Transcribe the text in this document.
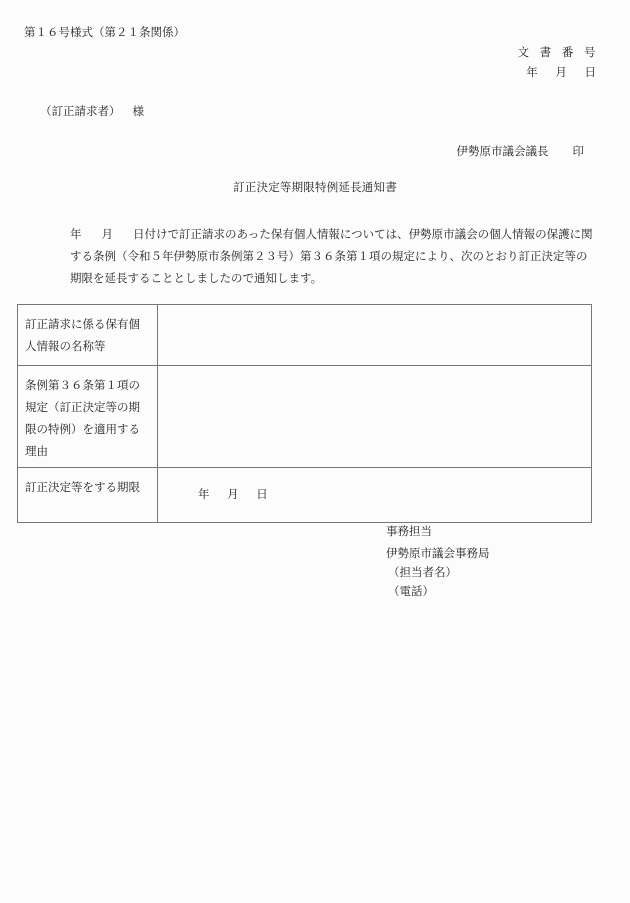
第１６号様式（第２１条関係）
文 書 番 号
年 月 日
（訂正請求者） 様
伊勢原市議会議長 印
訂正決定等期限特例延長通知書

年 月 日付けで訂正請求のあった保有個人情報については、伊勢原市議会の個人情報の保護に関する条例（令和５年伊勢原市条例第２３号）第３６条第１項の規定により、次のとおり訂正決定等の期限を延長することとしましたので通知します。

訂正請求に係る保有個人情報の名称等	
条例第３６条第１項の規定（訂正決定等の期限の特例）を適用する理由	
訂正決定等をする期限	年 月 日
事務担当
伊勢原市議会事務局
（担当者名）
（電話）
